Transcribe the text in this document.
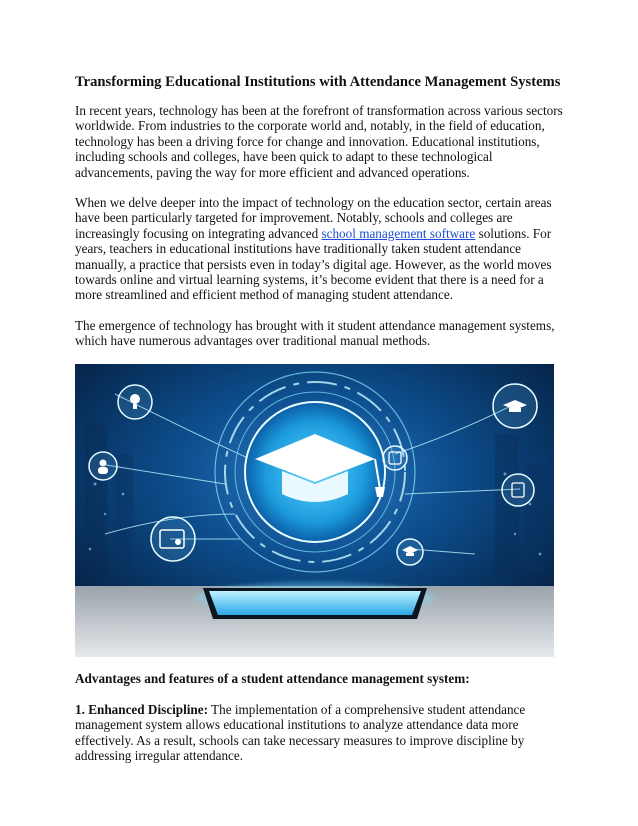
Transforming Educational Institutions with Attendance Management Systems

In recent years, technology has been at the forefront of transformation across various sectors worldwide. From industries to the corporate world and, notably, in the field of education, technology has been a driving force for change and innovation. Educational institutions, including schools and colleges, have been quick to adapt to these technological advancements, paving the way for more efficient and advanced operations.

When we delve deeper into the impact of technology on the education sector, certain areas have been particularly targeted for improvement. Notably, schools and colleges are increasingly focusing on integrating advanced school management software solutions. For years, teachers in educational institutions have traditionally taken student attendance manually, a practice that persists even in today’s digital age. However, as the world moves towards online and virtual learning systems, it’s become evident that there is a need for a more streamlined and efficient method of managing student attendance.

The emergence of technology has brought with it student attendance management systems, which have numerous advantages over traditional manual methods.

Advantages and features of a student attendance management system:

1. Enhanced Discipline: The implementation of a comprehensive student attendance management system allows educational institutions to analyze attendance data more effectively. As a result, schools can take necessary measures to improve discipline by addressing irregular attendance.
